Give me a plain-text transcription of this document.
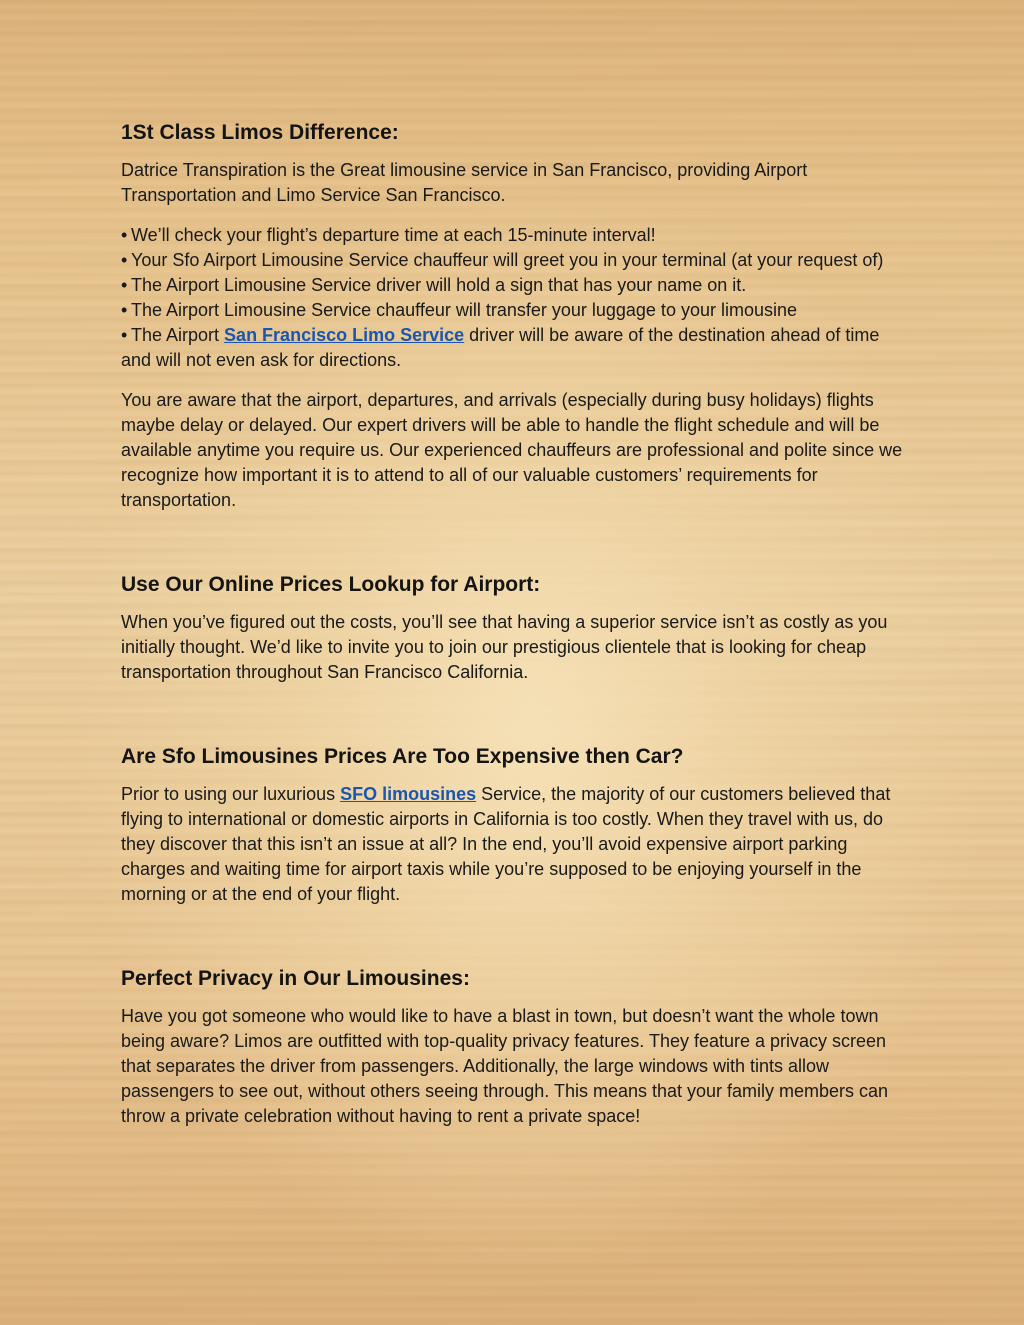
1St Class Limos Difference:

Datrice Transpiration is the Great limousine service in San Francisco, providing Airport Transportation and Limo Service San Francisco.

• We’ll check your flight’s departure time at each 15-minute interval!
• Your Sfo Airport Limousine Service chauffeur will greet you in your terminal (at your request of)
• The Airport Limousine Service driver will hold a sign that has your name on it.
• The Airport Limousine Service chauffeur will transfer your luggage to your limousine
• The Airport San Francisco Limo Service driver will be aware of the destination ahead of time and will not even ask for directions.

You are aware that the airport, departures, and arrivals (especially during busy holidays) flights maybe delay or delayed. Our expert drivers will be able to handle the flight schedule and will be available anytime you require us. Our experienced chauffeurs are professional and polite since we recognize how important it is to attend to all of our valuable customers’ requirements for transportation.

Use Our Online Prices Lookup for Airport:

When you’ve figured out the costs, you’ll see that having a superior service isn’t as costly as you initially thought. We’d like to invite you to join our prestigious clientele that is looking for cheap transportation throughout San Francisco California.

Are Sfo Limousines Prices Are Too Expensive then Car?

Prior to using our luxurious SFO limousines Service, the majority of our customers believed that flying to international or domestic airports in California is too costly. When they travel with us, do they discover that this isn’t an issue at all? In the end, you’ll avoid expensive airport parking charges and waiting time for airport taxis while you’re supposed to be enjoying yourself in the morning or at the end of your flight.

Perfect Privacy in Our Limousines:

Have you got someone who would like to have a blast in town, but doesn’t want the whole town being aware? Limos are outfitted with top-quality privacy features. They feature a privacy screen that separates the driver from passengers. Additionally, the large windows with tints allow passengers to see out, without others seeing through. This means that your family members can throw a private celebration without having to rent a private space!
